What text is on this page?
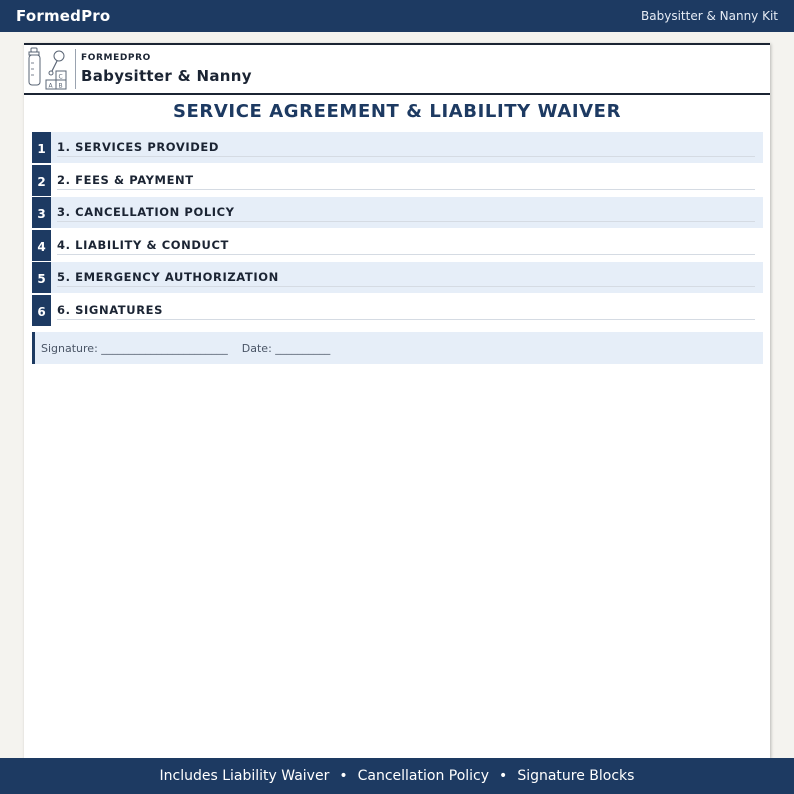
FormedPro	Babysitter & Nanny Kit
A B
C
FORMEDPRO
Babysitter & Nanny
SERVICE AGREEMENT & LIABILITY WAIVER
1 1. SERVICES PROVIDED
2 2. FEES & PAYMENT
3 3. CANCELLATION POLICY
4 4. LIABILITY & CONDUCT
5 5. EMERGENCY AUTHORIZATION
6 6. SIGNATURES
Signature: _______________________ Date: __________
Includes Liability Waiver • Cancellation Policy • Signature Blocks
